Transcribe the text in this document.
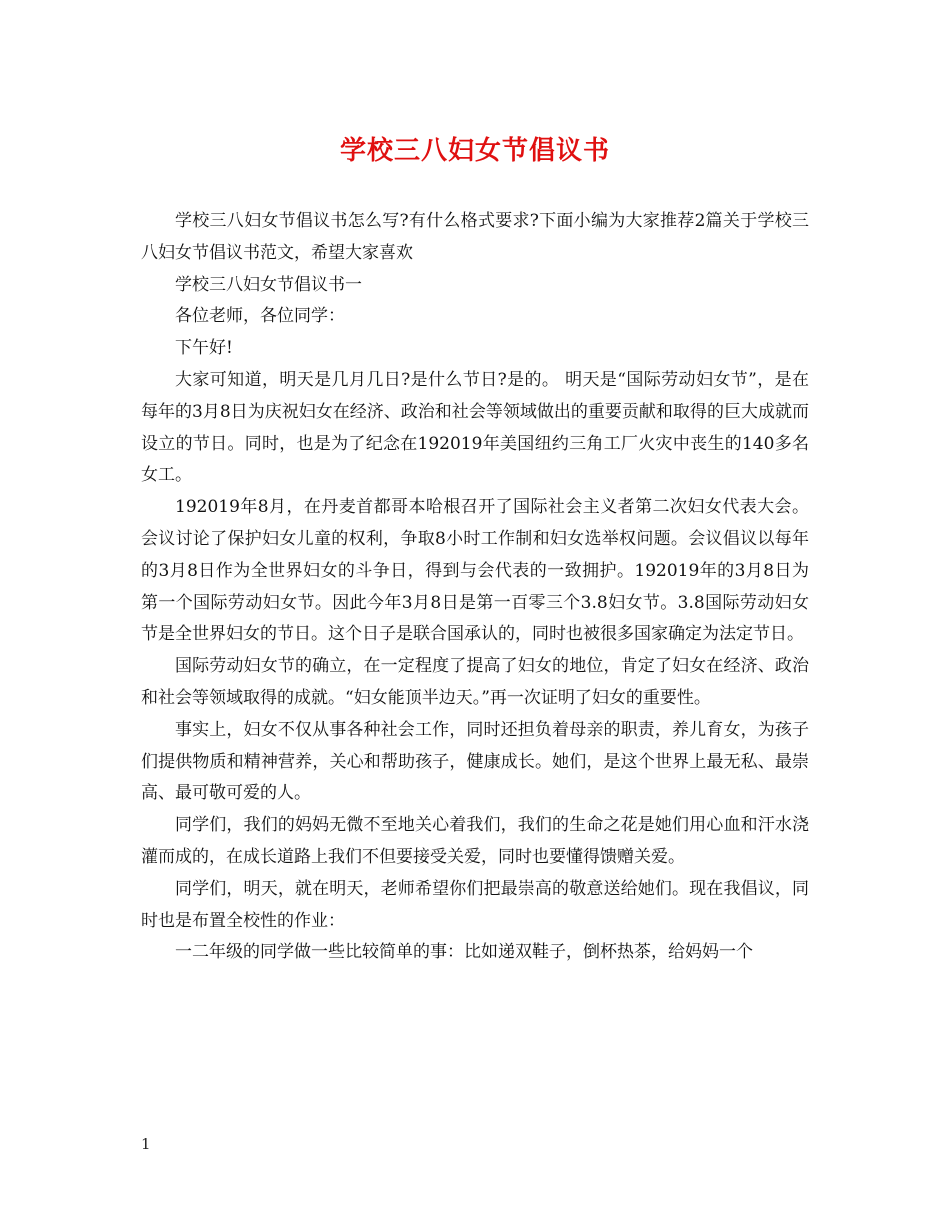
学校三八妇女节倡议书

学校三八妇女节倡议书怎么写?有什么格式要求?下面小编为大家推荐2篇关于学校三八妇女节倡议书范文，希望大家喜欢

学校三八妇女节倡议书一

各位老师，各位同学：

下午好!

大家可知道，明天是几月几日?是什么节日?是的。 明天是“国际劳动妇女节”，是在每年的3月8日为庆祝妇女在经济、政治和社会等领域做出的重要贡献和取得的巨大成就而设立的节日。同时，也是为了纪念在192019年美国纽约三角工厂火灾中丧生的140多名女工。

192019年8月，在丹麦首都哥本哈根召开了国际社会主义者第二次妇女代表大会。会议讨论了保护妇女儿童的权利，争取8小时工作制和妇女选举权问题。会议倡议以每年的3月8日作为全世界妇女的斗争日，得到与会代表的一致拥护。192019年的3月8日为第一个国际劳动妇女节。因此今年3月8日是第一百零三个3.8妇女节。3.8国际劳动妇女节是全世界妇女的节日。这个日子是联合国承认的，同时也被很多国家确定为法定节日。

国际劳动妇女节的确立，在一定程度了提高了妇女的地位，肯定了妇女在经济、政治和社会等领域取得的成就。“妇女能顶半边天。”再一次证明了妇女的重要性。

事实上，妇女不仅从事各种社会工作，同时还担负着母亲的职责，养儿育女，为孩子们提供物质和精神营养，关心和帮助孩子，健康成长。她们，是这个世界上最无私、最崇高、最可敬可爱的人。

同学们，我们的妈妈无微不至地关心着我们，我们的生命之花是她们用心血和汗水浇灌而成的，在成长道路上我们不但要接受关爱，同时也要懂得馈赠关爱。

同学们，明天，就在明天，老师希望你们把最崇高的敬意送给她们。现在我倡议，同时也是布置全校性的作业：

一二年级的同学做一些比较简单的事：比如递双鞋子，倒杯热茶，给妈妈一个

1
